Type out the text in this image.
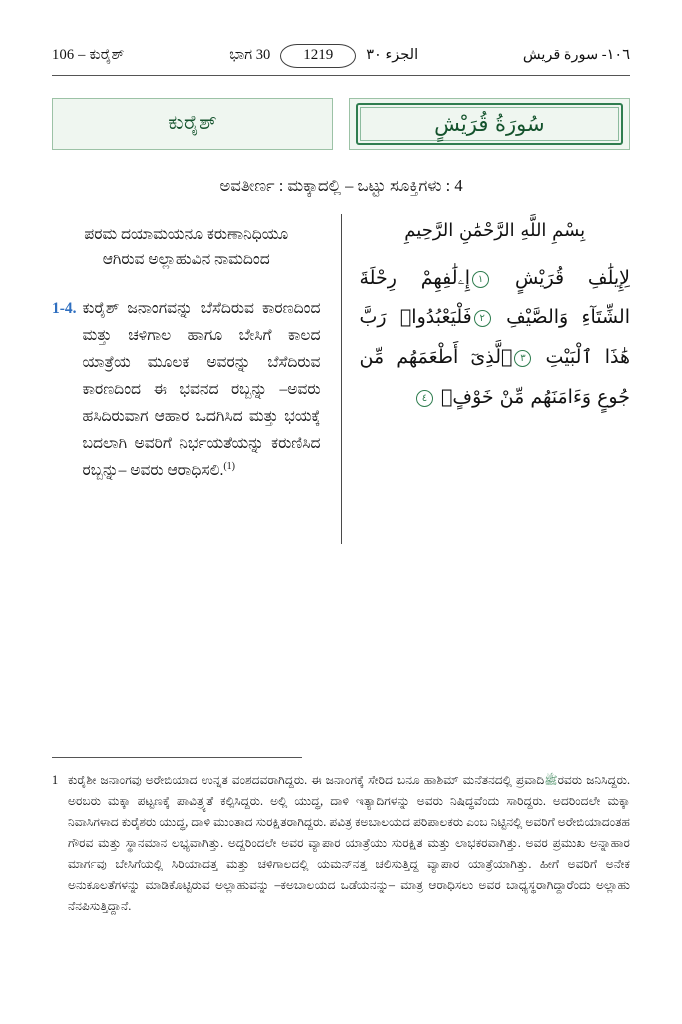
106 – ಕುರೈಶ್	ಭಾಗ 30	1219	الجزء ٣٠	١٠٦- سورة قريش
ಕುರೈಶ್	سُورَةُ قُرَيْشٍ
ಅವತೀರ್ಣ : ಮಕ್ಕಾದಲ್ಲಿ – ಒಟ್ಟು ಸೂಕ್ತಿಗಳು : 4
ಪರಮ ದಯಾಮಯನೂ ಕರುಣಾನಿಧಿಯೂ
ಆಗಿರುವ ಅಲ್ಲಾಹುವಿನ ನಾಮದಿಂದ
1-4. ಕುರೈಶ್ ಜನಾಂಗವನ್ನು ಬೆಸೆದಿರುವ ಕಾರಣದಿಂದ ಮತ್ತು ಚಳಿಗಾಲ ಹಾಗೂ ಬೇಸಿಗೆ ಕಾಲದ ಯಾತ್ರೆಯ ಮೂಲಕ ಅವರನ್ನು ಬೆಸೆದಿರುವ ಕಾರಣದಿಂದ ಈ ಭವನದ ರಬ್ಬನ್ನು –ಅವರು ಹಸಿದಿರುವಾಗ ಆಹಾರ ಒದಗಿಸಿದ ಮತ್ತು ಭಯಕ್ಕೆ ಬದಲಾಗಿ ಅವರಿಗೆ ನಿರ್ಭಯತೆಯನ್ನು ಕರುಣಿಸಿದ ರಬ್ಬನ್ನು– ಅವರು ಆರಾಧಿಸಲಿ.$^{(1)}$
بِسْمِ اللَّهِ الرَّحْمَٰنِ الرَّحِيمِ
لِإِيلَٰفِ قُرَيْشٍ ١إِۦلَٰفِهِمْ رِحْلَةَ الشِّتَآءِ وَالصَّيْفِ ٢فَلْيَعْبُدُوا۟ رَبَّ هَٰذَا ٱلْبَيْتِ ٣ٱلَّذِىٓ أَطْعَمَهُم مِّن جُوعٍ وَءَامَنَهُم مِّنْ خَوْفٍۭ ٤
1 ಕುರೈಶೀ ಜನಾಂಗವು ಅರೇಬಿಯಾದ ಉನ್ನತ ವಂಶದವರಾಗಿದ್ದರು. ಈ ಜನಾಂಗಕ್ಕೆ ಸೇರಿದ ಬನೂ ಹಾಶಿಮ್ ಮನೆತನದಲ್ಲಿ ಪ್ರವಾದಿﷺರವರು ಜನಿಸಿದ್ದರು. ಅರಬರು ಮಕ್ಕಾ ಪಟ್ಟಣಕ್ಕೆ ಪಾವಿತ್ರ್ಯತೆ ಕಲ್ಪಿಸಿದ್ದರು. ಅಲ್ಲಿ ಯುದ್ಧ, ದಾಳಿ ಇತ್ಯಾದಿಗಳನ್ನು ಅವರು ನಿಷಿದ್ಧವೆಂದು ಸಾರಿದ್ದರು. ಅದರಿಂದಲೇ ಮಕ್ಕಾ ನಿವಾಸಿಗಳಾದ ಕುರೈಶರು ಯುದ್ಧ, ದಾಳಿ ಮುಂತಾದ ಸುರಕ್ಷಿತರಾಗಿದ್ದರು. ಪವಿತ್ರ ಕಅಬಾಲಯದ ಪರಿಪಾಲಕರು ಎಂಬ ನಿಟ್ಟಿನಲ್ಲಿ ಅವರಿಗೆ ಅರೇಬಿಯಾದಂತಹ ಗೌರವ ಮತ್ತು ಸ್ಥಾನಮಾನ ಲಭ್ಯವಾಗಿತ್ತು. ಅದ್ದರಿಂದಲೇ ಅವರ ವ್ಯಾಪಾರ ಯಾತ್ರೆಯು ಸುರಕ್ಷಿತ ಮತ್ತು ಲಾಭಕರವಾಗಿತ್ತು. ಅವರ ಪ್ರಮುಖ ಅನ್ನಾಹಾರ ಮಾರ್ಗವು ಬೇಸಿಗೆಯಲ್ಲಿ ಸಿರಿಯಾದತ್ತ ಮತ್ತು ಚಳಿಗಾಲದಲ್ಲಿ ಯಮನ್‌ನತ್ತ ಚಲಿಸುತ್ತಿದ್ದ ವ್ಯಾಪಾರ ಯಾತ್ರೆಯಾಗಿತ್ತು. ಹೀಗೆ ಅವರಿಗೆ ಅನೇಕ ಅನುಕೂಲತೆಗಳನ್ನು ಮಾಡಿಕೊಟ್ಟಿರುವ ಅಲ್ಲಾಹುವನ್ನು –ಕಅಬಾಲಯದ ಒಡೆಯನನ್ನು– ಮಾತ್ರ ಆರಾಧಿಸಲು ಅವರ ಬಾಧ್ಯಸ್ಥರಾಗಿದ್ದಾರೆಂದು ಅಲ್ಲಾಹು ನೆನಪಿಸುತ್ತಿದ್ದಾನೆ.
